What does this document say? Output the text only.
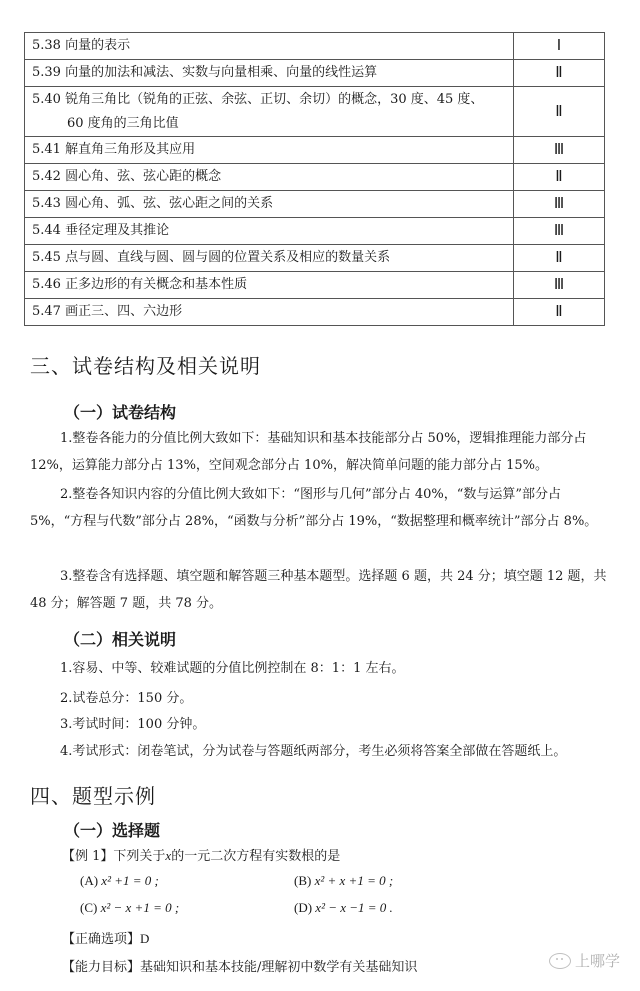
5.38 向量的表示	Ⅰ
5.39 向量的加法和减法、实数与向量相乘、向量的线性运算	Ⅱ

5.40 锐角三角比（锐角的正弦、余弦、正切、余切）的概念，30 度、45 度、
60 度角的三角比值	Ⅱ
5.41 解直角三角形及其应用	Ⅲ
5.42 圆心角、弦、弦心距的概念	Ⅱ
5.43 圆心角、弧、弦、弦心距之间的关系	Ⅲ
5.44 垂径定理及其推论	Ⅲ
5.45 点与圆、直线与圆、圆与圆的位置关系及相应的数量关系	Ⅱ
5.46 正多边形的有关概念和基本性质	Ⅲ
5.47 画正三、四、六边形	Ⅱ
三、试卷结构及相关说明
（一）试卷结构

1.整卷各能力的分值比例大致如下：基础知识和基本技能部分占 50%，逻辑推理能力部分占 12%，运算能力部分占 13%，空间观念部分占 10%，解决简单问题的能力部分占 15%。

2.整卷各知识内容的分值比例大致如下：“图形与几何”部分占 40%，“数与运算”部分占 5%，“方程与代数”部分占 28%，“函数与分析”部分占 19%，“数据整理和概率统计”部分占 8%。

3.整卷含有选择题、填空题和解答题三种基本题型。选择题 6 题，共 24 分；填空题 12 题，共 48 分；解答题 7 题，共 78 分。

（二）相关说明
1.容易、中等、较难试题的分值比例控制在 8：1：1 左右。
2.试卷总分：150 分。
3.考试时间：100 分钟。
4.考试形式：闭卷笔试，分为试卷与答题纸两部分，考生必须将答案全部做在答题纸上。
四、题型示例
（一）选择题
【例 1】下列关于x的一元二次方程有实数根的是
(A) x² +1 = 0 ;	(B) x² + x +1 = 0 ;
(C) x² − x +1 = 0 ;	(D) x² − x −1 = 0 .
【正确选项】D
【能力目标】基础知识和基本技能/理解初中数学有关基础知识	上哪学
